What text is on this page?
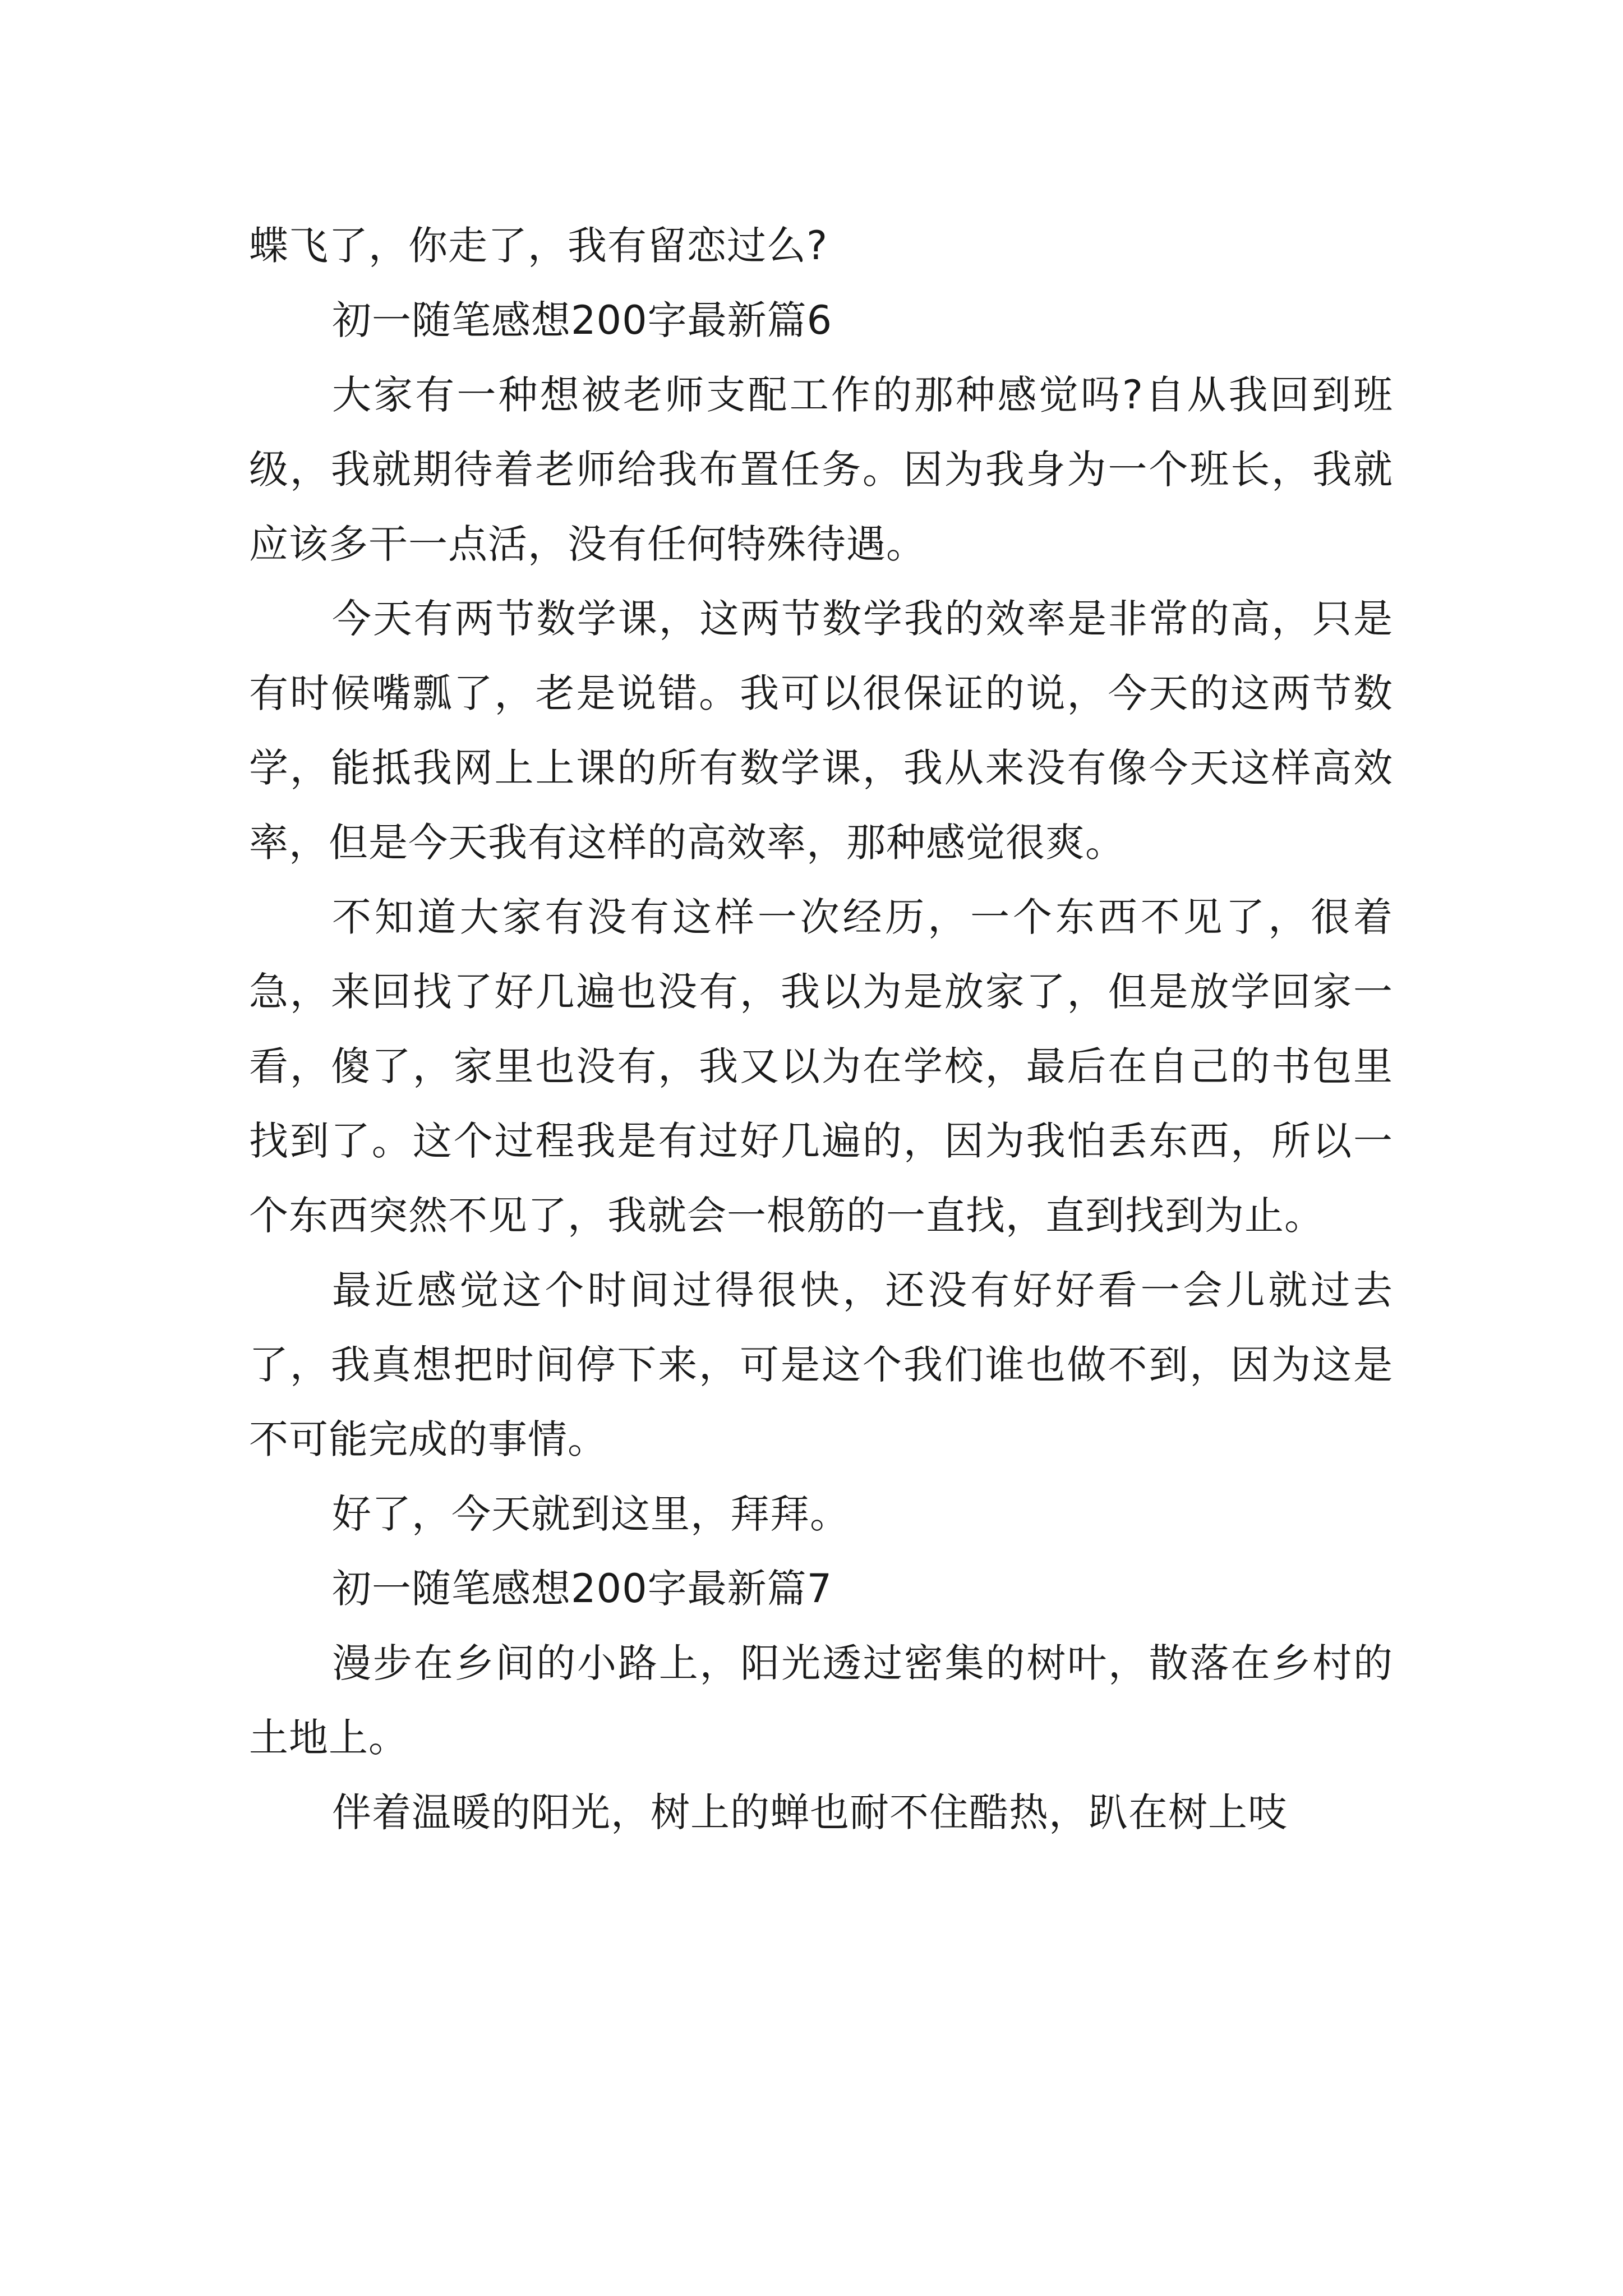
蝶飞了，你走了，我有留恋过么?

初一随笔感想200字最新篇6

大家有一种想被老师支配工作的那种感觉吗?自从我回到班级，我就期待着老师给我布置任务。因为我身为一个班长，我就应该多干一点活，没有任何特殊待遇。

今天有两节数学课，这两节数学我的效率是非常的高，只是有时候嘴瓢了，老是说错。我可以很保证的说，今天的这两节数学，能抵我网上上课的所有数学课，我从来没有像今天这样高效率，但是今天我有这样的高效率，那种感觉很爽。

不知道大家有没有这样一次经历，一个东西不见了，很着急，来回找了好几遍也没有，我以为是放家了，但是放学回家一看，傻了，家里也没有，我又以为在学校，最后在自己的书包里找到了。这个过程我是有过好几遍的，因为我怕丢东西，所以一个东西突然不见了，我就会一根筋的一直找，直到找到为止。

最近感觉这个时间过得很快，还没有好好看一会儿就过去了，我真想把时间停下来，可是这个我们谁也做不到，因为这是不可能完成的事情。

好了，今天就到这里，拜拜。

初一随笔感想200字最新篇7

漫步在乡间的小路上，阳光透过密集的树叶，散落在乡村的土地上。

伴着温暖的阳光，树上的蝉也耐不住酷热，趴在树上吱
